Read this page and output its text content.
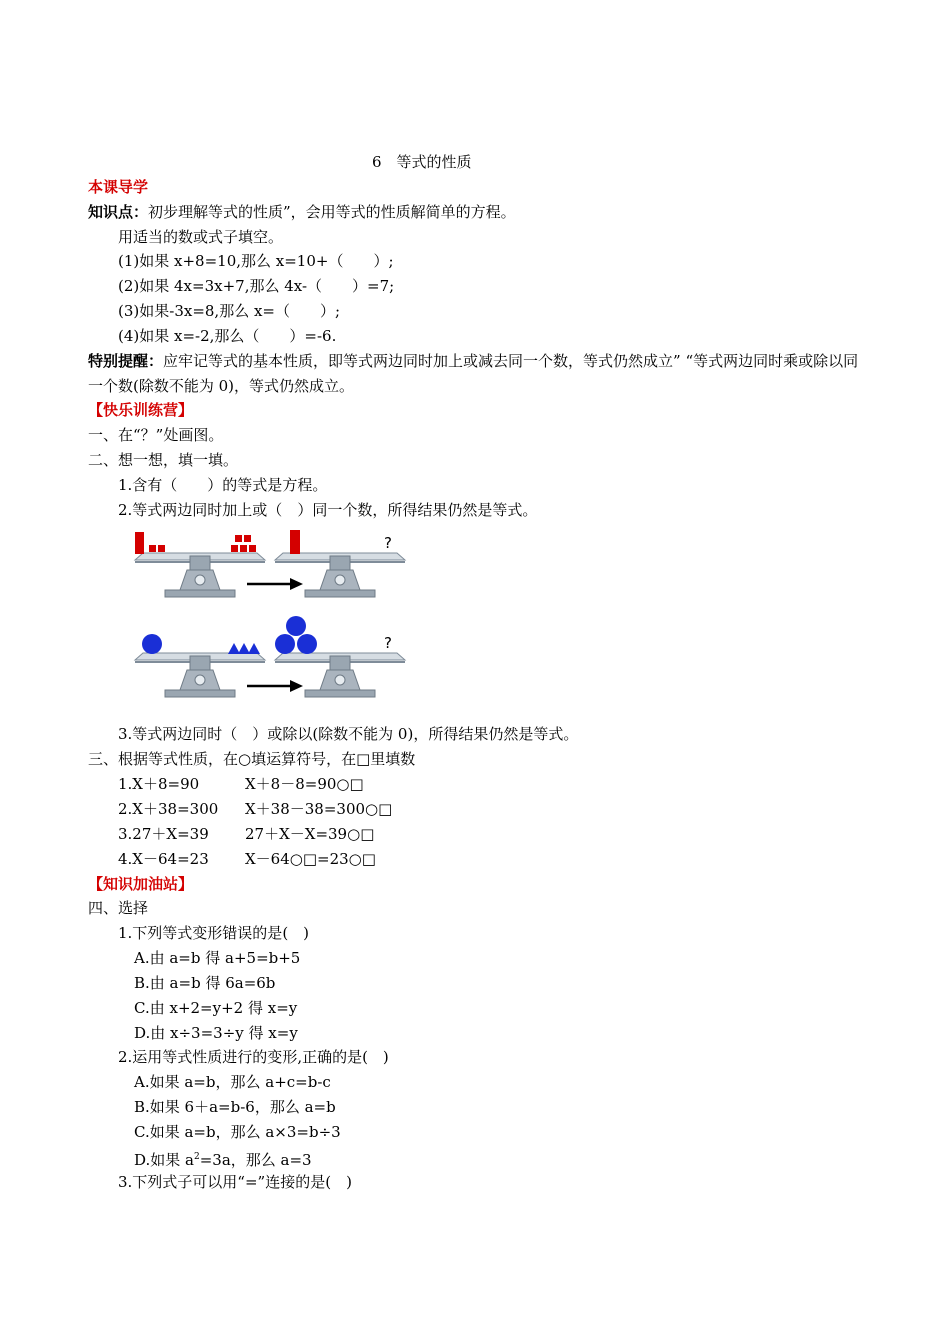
6　等式的性质
本课导学
知识点：初步理解等式的性质”，会用等式的性质解简单的方程。
用适当的数或式子填空。
(1)如果 x+8=10,那么 x=10+（　　）;
(2)如果 4x=3x+7,那么 4x-（　　）=7;
(3)如果-3x=8,那么 x=（　　）;
(4)如果 x=-2,那么（　　）=-6.
特别提醒：应牢记等式的基本性质，即等式两边同时加上或减去同一个数，等式仍然成立” “等式两边同时乘或除以同一个数(除数不能为 0)，等式仍然成立。
【快乐训练营】
一、在“？”处画图。
二、想一想，填一填。
1.含有（　　）的等式是方程。
2.等式两边同时加上或（　）同一个数，所得结果仍然是等式。
?
?
3.等式两边同时（　）或除以(除数不能为 0)，所得结果仍然是等式。
三、根据等式性质，在○填运算符号，在□里填数
1.X＋8=90	X＋8－8=90○□
2.X＋38=300 X＋38－38=300○□
3.27＋X=39 27＋X－X=39○□
4.X－64=23 X－64○□=23○□
【知识加油站】
四、选择
1.下列等式变形错误的是(　)
A.由 a=b 得 a+5=b+5
B.由 a=b 得 6a=6b
C.由 x+2=y+2 得 x=y
D.由 x÷3=3÷y 得 x=y
2.运用等式性质进行的变形,正确的是(　)
A.如果 a=b，那么 a+c=b-c
B.如果 6＋a=b-6，那么 a=b
C.如果 a=b，那么 a×3=b÷3
D.如果 $a^2=3a$，那么 a=3
3.下列式子可以用“=”连接的是(　)
